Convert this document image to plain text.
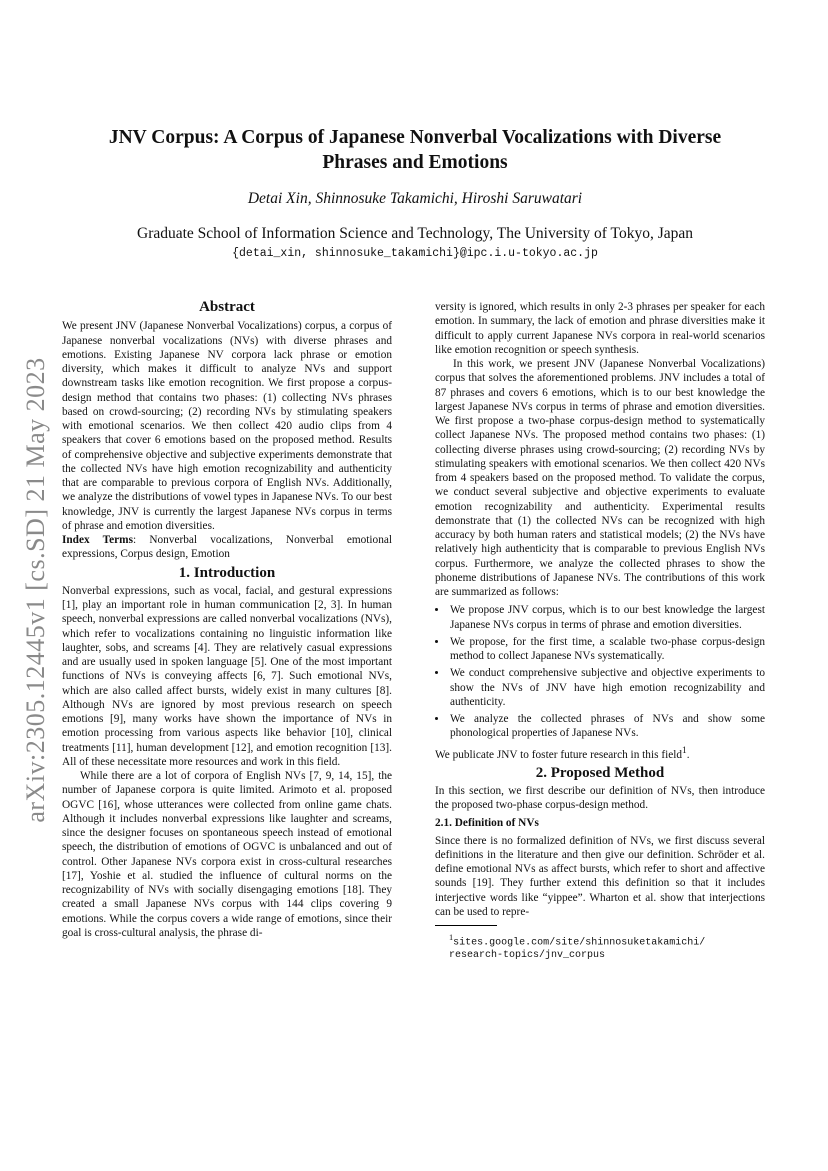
arXiv:2305.12445v1 [cs.SD] 21 May 2023
JNV Corpus: A Corpus of Japanese Nonverbal Vocalizations with Diverse Phrases and Emotions
Detai Xin, Shinnosuke Takamichi, Hiroshi Saruwatari
Graduate School of Information Science and Technology, The University of Tokyo, Japan
{detai_xin, shinnosuke_takamichi}@ipc.i.u-tokyo.ac.jp
Abstract

We present JNV (Japanese Nonverbal Vocalizations) corpus, a corpus of Japanese nonverbal vocalizations (NVs) with diverse phrases and emotions. Existing Japanese NV corpora lack phrase or emotion diversity, which makes it difficult to analyze NVs and support downstream tasks like emotion recognition. We first propose a corpus-design method that contains two phases: (1) collecting NVs phrases based on crowd-sourcing; (2) recording NVs by stimulating speakers with emotional scenarios. We then collect 420 audio clips from 4 speakers that cover 6 emotions based on the proposed method. Results of comprehensive objective and subjective experiments demonstrate that the collected NVs have high emotion recognizability and authenticity that are comparable to previous corpora of English NVs. Additionally, we analyze the distributions of vowel types in Japanese NVs. To our best knowledge, JNV is currently the largest Japanese NVs corpus in terms of phrase and emotion diversities.

Index Terms: Nonverbal vocalizations, Nonverbal emotional expressions, Corpus design, Emotion

1. Introduction

Nonverbal expressions, such as vocal, facial, and gestural expressions [1], play an important role in human communication [2, 3]. In human speech, nonverbal expressions are called nonverbal vocalizations (NVs), which refer to vocalizations containing no linguistic information like laughter, sobs, and screams [4]. They are relatively casual expressions and are usually used in spoken language [5]. One of the most important functions of NVs is conveying affects [6, 7]. Such emotional NVs, which are also called affect bursts, widely exist in many cultures [8]. Although NVs are ignored by most previous research on speech emotions [9], many works have shown the importance of NVs in emotion processing from various aspects like behavior [10], clinical treatments [11], human development [12], and emotion recognition [13]. All of these necessitate more resources and work in this field.

While there are a lot of corpora of English NVs [7, 9, 14, 15], the number of Japanese corpora is quite limited. Arimoto et al. proposed OGVC [16], whose utterances were collected from online game chats. Although it includes nonverbal expressions like laughter and screams, since the designer focuses on spontaneous speech instead of emotional speech, the distribution of emotions of OGVC is unbalanced and out of control. Other Japanese NVs corpora exist in cross-cultural researches [17], Yoshie et al. studied the influence of cultural norms on the recognizability of NVs with socially disengaging emotions [18]. They created a small Japanese NVs corpus with 144 clips covering 9 emotions. While the corpus covers a wide range of emotions, since their goal is cross-cultural analysis, the phrase di-

versity is ignored, which results in only 2-3 phrases per speaker for each emotion. In summary, the lack of emotion and phrase diversities make it difficult to apply current Japanese NVs corpora in real-world scenarios like emotion recognition or speech synthesis.

In this work, we present JNV (Japanese Nonverbal Vocalizations) corpus that solves the aforementioned problems. JNV includes a total of 87 phrases and covers 6 emotions, which is to our best knowledge the largest Japanese NVs corpus in terms of phrase and emotion diversities. We first propose a two-phase corpus-design method to systematically collect Japanese NVs. The proposed method contains two phases: (1) collecting diverse phrases using crowd-sourcing; (2) recording NVs by stimulating speakers with emotional scenarios. We then collect 420 NVs from 4 speakers based on the proposed method. To validate the corpus, we conduct several subjective and objective experiments to evaluate emotion recognizability and authenticity. Experimental results demonstrate that (1) the collected NVs can be recognized with high accuracy by both human raters and statistical models; (2) the NVs have relatively high authenticity that is comparable to previous English NVs corpus. Furthermore, we analyze the collected phrases to show the phoneme distributions of Japanese NVs. The contributions of this work are summarized as follows:

• We propose JNV corpus, which is to our best knowledge the largest Japanese NVs corpus in terms of phrase and emotion diversities.
• We propose, for the first time, a scalable two-phase corpus-design method to collect Japanese NVs systematically.
• We conduct comprehensive subjective and objective experiments to show the NVs of JNV have high emotion recognizability and authenticity.
• We analyze the collected phrases of NVs and show some phonological properties of Japanese NVs.

We publicate JNV to foster future research in this field$^1$.

2. Proposed Method

In this section, we first describe our definition of NVs, then introduce the proposed two-phase corpus-design method.

2.1. Definition of NVs

Since there is no formalized definition of NVs, we first discuss several definitions in the literature and then give our definition. Schröder et al. define emotional NVs as affect bursts, which refer to short and affective sounds [19]. They further extend this definition so that it includes interjective words like “yippee”. Wharton et al. show that interjections can be used to repre-

$^1$sites.google.com/site/shinnosuketakamichi/
research-topics/jnv_corpus
